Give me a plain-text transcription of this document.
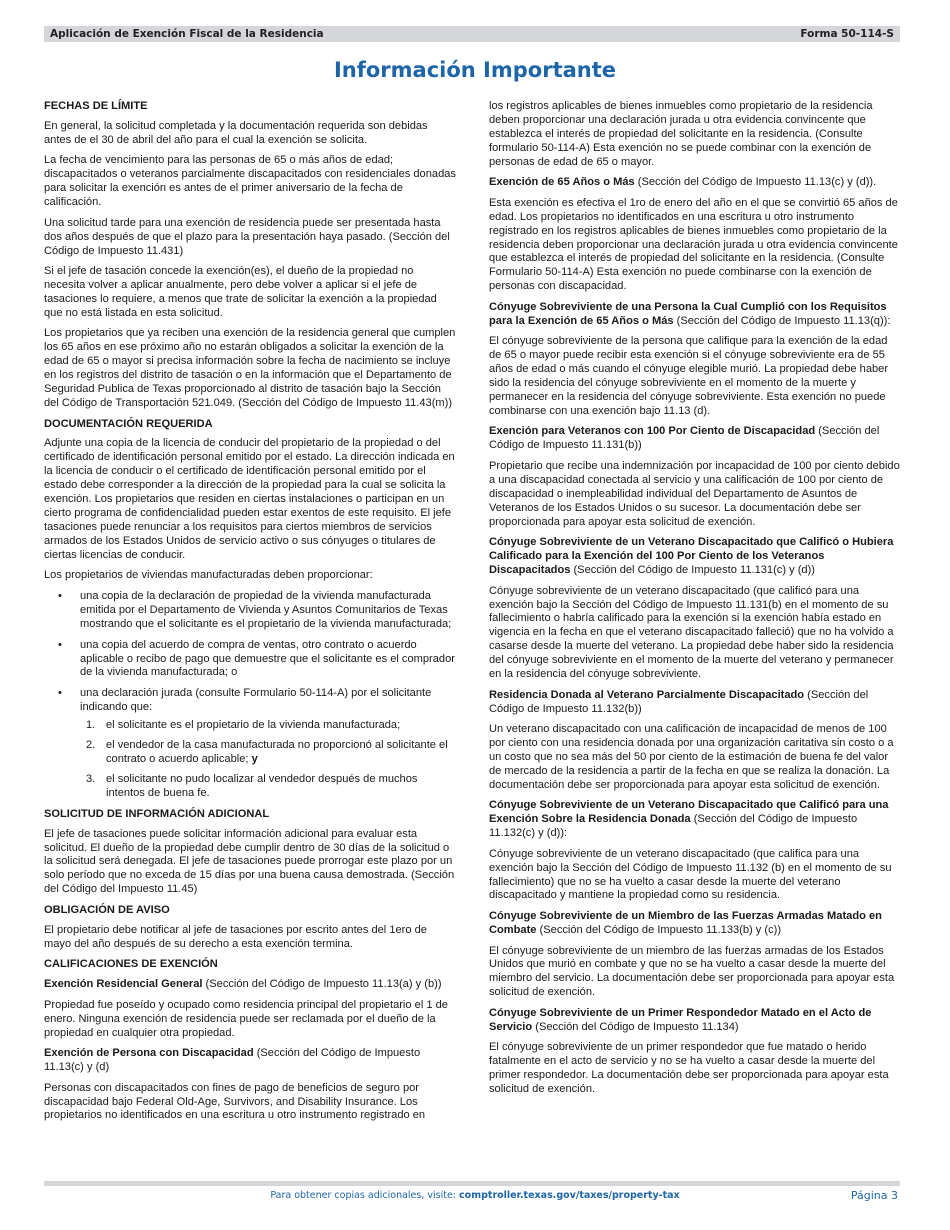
Aplicación de Exención Fiscal de la Residencia	Forma 50-114-S
Información Importante
FECHAS DE LÍMITE

En general, la solicitud completada y la documentación requerida son debidas antes de el 30 de abril del año para el cual la exención se solicita.

La fecha de vencimiento para las personas de 65 o más años de edad; discapacitados o veteranos parcialmente discapacitados con residenciales donadas para solicitar la exención es antes de el primer aniversario de la fecha de calificación.

Una solicitud tarde para una exención de residencia puede ser presentada hasta dos años después de que el plazo para la presentación haya pasado. (Sección del Código de Impuesto 11.431)

Si el jefe de tasación concede la exención(es), el dueño de la propiedad no necesita volver a aplicar anualmente, pero debe volver a aplicar si el jefe de tasaciones lo requiere, a menos que trate de solicitar la exención a la propiedad que no está listada en esta solicitud.

Los propietarios que ya reciben una exención de la residencia general que cumplen los 65 años en ese próximo año no estarán obligados a solicitar la exención de la edad de 65 o mayor si precisa información sobre la fecha de nacimiento se incluye en los registros del distrito de tasación o en la información que el Departamento de Seguridad Publica de Texas proporcionado al distrito de tasación bajo la Sección del Código de Transportación 521.049. (Sección del Código de Impuesto 11.43(m))

DOCUMENTACIÓN REQUERIDA

Adjunte una copia de la licencia de conducir del propietario de la propiedad o del certificado de identificación personal emitido por el estado. La dirección indicada en la licencia de conducir o el certificado de identificación personal emitido por el estado debe corresponder a la dirección de la propiedad para la cual se solicita la exención. Los propietarios que residen en ciertas instalaciones o participan en un cierto programa de confidencialidad pueden estar exentos de este requisito. El jefe tasaciones puede renunciar a los requisitos para ciertos miembros de servicios armados de los Estados Unidos de servicio activo o sus cónyuges o titulares de ciertas licencias de conducir.

Los propietarios de viviendas manufacturadas deben proporcionar:

• una copia de la declaración de propiedad de la vivienda manufacturada emitida por el Departamento de Vivienda y Asuntos Comunitarios de Texas mostrando que el solicitante es el propietario de la vivienda manufacturada;
• una copia del acuerdo de compra de ventas, otro contrato o acuerdo aplicable o recibo de pago que demuestre que el solicitante es el comprador de la vivienda manufacturada; o
• una declaración jurada (consulte Formulario 50-114-A) por el solicitante indicando que:
1. el solicitante es el propietario de la vivienda manufacturada;
2. el vendedor de la casa manufacturada no proporcionó al solicitante el contrato o acuerdo aplicable; y
3. el solicitante no pudo localizar al vendedor después de muchos intentos de buena fe.
SOLICITUD DE INFORMACIÓN ADICIONAL

El jefe de tasaciones puede solicitar información adicional para evaluar esta solicitud. El dueño de la propiedad debe cumplir dentro de 30 días de la solicitud o la solicitud será denegada. El jefe de tasaciones puede prorrogar este plazo por un solo período que no exceda de 15 días por una buena causa demostrada. (Sección del Código del Impuesto 11.45)

OBLIGACIÓN DE AVISO

El propietario debe notificar al jefe de tasaciones por escrito antes del 1ero de mayo del año después de su derecho a esta exención termina.

CALIFICACIONES DE EXENCIÓN

Exención Residencial General (Sección del Código de Impuesto 11.13(a) y (b))

Propiedad fue poseído y ocupado como residencia principal del propietario el 1 de enero. Ninguna exención de residencia puede ser reclamada por el dueño de la propiedad en cualquier otra propiedad.

Exención de Persona con Discapacidad (Sección del Código de Impuesto 11.13(c) y (d)

Personas con discapacitados con fines de pago de beneficios de seguro por discapacidad bajo Federal Old-Age, Survivors, and Disability Insurance. Los propietarios no identificados en una escritura u otro instrumento registrado en

los registros aplicables de bienes inmuebles como propietario de la residencia deben proporcionar una declaración jurada u otra evidencia convincente que establezca el interés de propiedad del solicitante en la residencia. (Consulte formulario 50-114-A) Esta exención no se puede combinar con la exención de personas de edad de 65 o mayor.

Exención de 65 Años o Más (Sección del Código de Impuesto 11.13(c) y (d)).

Esta exención es efectiva el 1ro de enero del año en el que se convirtió 65 años de edad. Los propietarios no identificados en una escritura u otro instrumento registrado en los registros aplicables de bienes inmuebles como propietario de la residencia deben proporcionar una declaración jurada u otra evidencia convincente que establezca el interés de propiedad del solicitante en la residencia. (Consulte Formulario 50-114-A) Esta exención no puede combinarse con la exención de personas con discapacidad.

Cónyuge Sobreviviente de una Persona la Cual Cumplió con los Requisitos para la Exención de 65 Años o Más (Sección del Código de Impuesto 11.13(q)):

El cónyuge sobreviviente de la persona que califique para la exención de la edad de 65 o mayor puede recibir esta exención si el cónyuge sobreviviente era de 55 años de edad o más cuando el cónyuge elegible murió. La propiedad debe haber sido la residencia del cónyuge sobreviviente en el momento de la muerte y permanecer en la residencia del cónyuge sobreviviente. Esta exención no puede combinarse con una exención bajo 11.13 (d).

Exención para Veteranos con 100 Por Ciento de Discapacidad (Sección del Código de Impuesto 11.131(b))

Propietario que recibe una indemnización por incapacidad de 100 por ciento debido a una discapacidad conectada al servicio y una calificación de 100 por ciento de discapacidad o inempleabilidad individual del Departamento de Asuntos de Veteranos de los Estados Unidos o su sucesor. La documentación debe ser proporcionada para apoyar esta solicitud de exención.

Cónyuge Sobreviviente de un Veterano Discapacitado que Calificó o Hubiera Calificado para la Exención del 100 Por Ciento de los Veteranos Discapacitados (Sección del Código de Impuesto 11.131(c) y (d))

Cónyuge sobreviviente de un veterano discapacitado (que calificó para una exención bajo la Sección del Código de Impuesto 11.131(b) en el momento de su fallecimiento o habría calificado para la exención si la exención había estado en vigencia en la fecha en que el veterano discapacitado falleció) que no ha volvido a casarse desde la muerte del veterano. La propiedad debe haber sido la residencia del cónyuge sobreviviente en el momento de la muerte del veterano y permanecer en la residencia del cónyuge sobreviviente.

Residencia Donada al Veterano Parcialmente Discapacitado (Sección del Código de Impuesto 11.132(b))

Un veterano discapacitado con una calificación de incapacidad de menos de 100 por ciento con una residencia donada por una organización caritativa sin costo o a un costo que no sea más del 50 por ciento de la estimación de buena fe del valor de mercado de la residencia a partir de la fecha en que se realiza la donación. La documentación debe ser proporcionada para apoyar esta solicitud de exención.

Cónyuge Sobreviviente de un Veterano Discapacitado que Calificó para una Exención Sobre la Residencia Donada (Sección del Código de Impuesto 11.132(c) y (d)):

Cónyuge sobreviviente de un veterano discapacitado (que califica para una exención bajo la Sección del Código de Impuesto 11.132 (b) en el momento de su fallecimiento) que no se ha vuelto a casar desde la muerte del veterano discapacitado y mantiene la propiedad como su residencia.

Cónyuge Sobreviviente de un Miembro de las Fuerzas Armadas Matado en Combate (Sección del Código de Impuesto 11.133(b) y (c))

El cónyuge sobreviviente de un miembro de las fuerzas armadas de los Estados Unidos que murió en combate y que no se ha vuelto a casar desde la muerte del miembro del servicio. La documentación debe ser proporcionada para apoyar esta solicitud de exención.

Cónyuge Sobreviviente de un Primer Respondedor Matado en el Acto de Servicio (Sección del Código de Impuesto 11.134)

El cónyuge sobreviviente de un primer respondedor que fue matado o herido fatalmente en el acto de servicio y no se ha vuelto a casar desde la muerte del primer respondedor. La documentación debe ser proporcionada para apoyar esta solicitud de exención.

Para obtener copias adicionales, visite: comptroller.texas.gov/taxes/property-tax	Página 3
